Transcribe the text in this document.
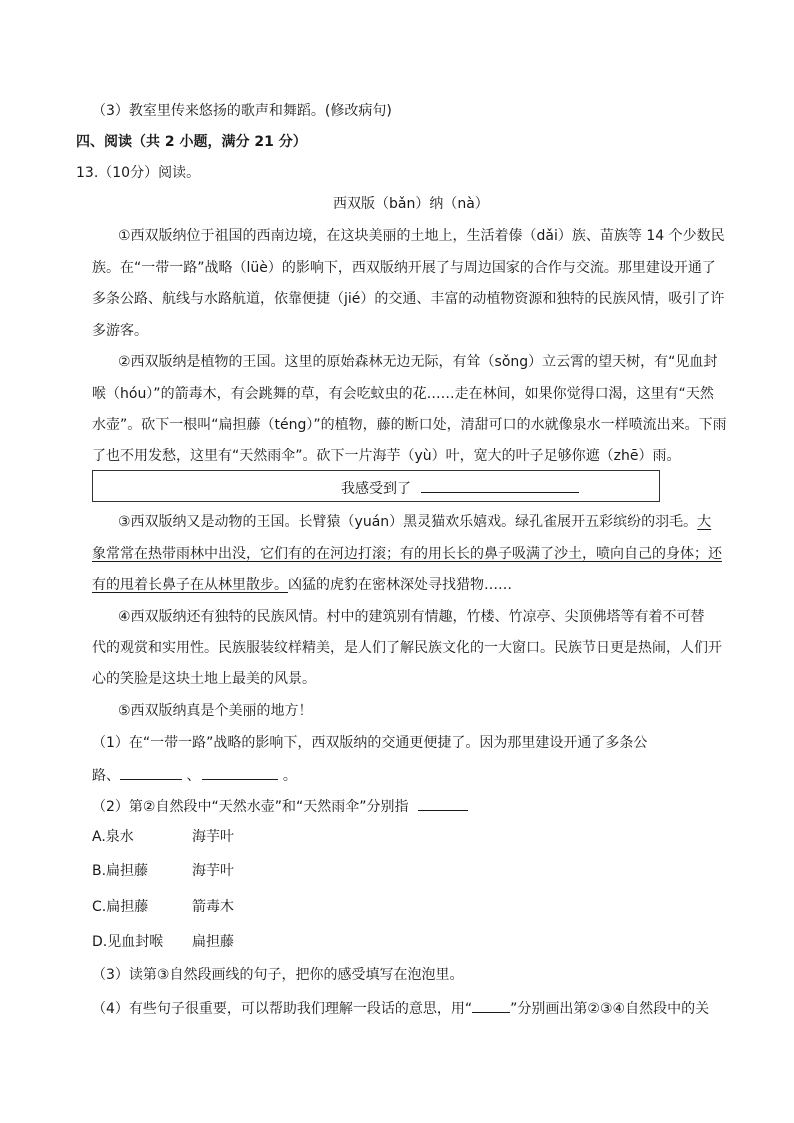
（3）教室里传来悠扬的歌声和舞蹈。(修改病句)
四、阅读（共 2 小题，满分 21 分）
13.（10分）阅读。
西双版（bǎn）纳（nà）
①西双版纳位于祖国的西南边境，在这块美丽的土地上，生活着傣（dǎi）族、苗族等 14 个少数民
族。在“一带一路”战略（lüè）的影响下，西双版纳开展了与周边国家的合作与交流。那里建设开通了
多条公路、航线与水路航道，依靠便捷（jié）的交通、丰富的动植物资源和独特的民族风情，吸引了许
多游客。
②西双版纳是植物的王国。这里的原始森林无边无际，有耸（sǒng）立云霄的望天树，有“见血封
喉（hóu）”的箭毒木，有会跳舞的草，有会吃蚊虫的花……走在林间，如果你觉得口渴，这里有“天然
水壶”。砍下一根叫“扁担藤（téng）”的植物，藤的断口处，清甜可口的水就像泉水一样喷流出来。下雨
了也不用发愁，这里有“天然雨伞”。砍下一片海芋（yù）叶，宽大的叶子足够你遮（zhē）雨。
我感受到了
③西双版纳又是动物的王国。长臂猿（yuán）黑灵猫欢乐嬉戏。绿孔雀展开五彩缤纷的羽毛。大
象常常在热带雨林中出没，它们有的在河边打滚；有的用长长的鼻子吸满了沙土，喷向自己的身体；还
有的甩着长鼻子在从林里散步。凶猛的虎豹在密林深处寻找猎物……
④西双版纳还有独特的民族风情。村中的建筑别有情趣，竹楼、竹凉亭、尖顶佛塔等有着不可替
代的观赏和实用性。民族服装纹样精美，是人们了解民族文化的一大窗口。民族节日更是热闹，人们开
心的笑脸是这块土地上最美的风景。
⑤西双版纳真是个美丽的地方！
（1）在“一带一路”战略的影响下，西双版纳的交通更便捷了。因为那里建设开通了多条公
路、	、	。
（2）第②自然段中“天然水壶”和“天然雨伞”分别指
A.泉水	海芋叶
B.扁担藤	海芋叶
C.扁担藤	箭毒木
D.见血封喉 扁担藤
（3）读第③自然段画线的句子，把你的感受填写在泡泡里。
（4）有些句子很重要，可以帮助我们理解一段话的意思，用“	”分别画出第②③④自然段中的关
